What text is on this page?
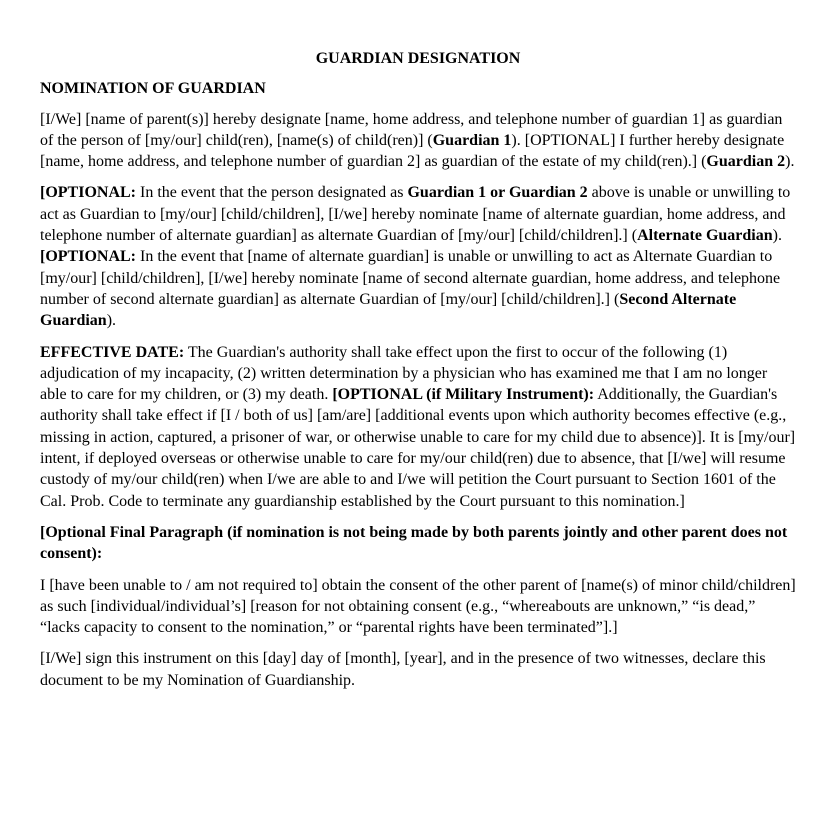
GUARDIAN DESIGNATION
NOMINATION OF GUARDIAN

[I/We] [name of parent(s)] hereby designate [name, home address, and telephone number of guardian 1] as guardian of the person of [my/our] child(ren), [name(s) of child(ren)] (Guardian 1). [OPTIONAL] I further hereby designate [name, home address, and telephone number of guardian 2] as guardian of the estate of my child(ren).] (Guardian 2).

[OPTIONAL: In the event that the person designated as Guardian 1 or Guardian 2 above is unable or unwilling to act as Guardian to [my/our] [child/children], [I/we] hereby nominate [name of alternate guardian, home address, and telephone number of alternate guardian] as alternate Guardian of [my/our] [child/children].] (Alternate Guardian). [OPTIONAL: In the event that [name of alternate guardian] is unable or unwilling to act as Alternate Guardian to [my/our] [child/children], [I/we] hereby nominate [name of second alternate guardian, home address, and telephone number of second alternate guardian] as alternate Guardian of [my/our] [child/children].] (Second Alternate Guardian).

EFFECTIVE DATE: The Guardian's authority shall take effect upon the first to occur of the following (1) adjudication of my incapacity, (2) written determination by a physician who has examined me that I am no longer able to care for my children, or (3) my death. [OPTIONAL (if Military Instrument): Additionally, the Guardian's authority shall take effect if [I / both of us] [am/are] [additional events upon which authority becomes effective (e.g., missing in action, captured, a prisoner of war, or otherwise unable to care for my child due to absence)]. It is [my/our] intent, if deployed overseas or otherwise unable to care for my/our child(ren) due to absence, that [I/we] will resume custody of my/our child(ren) when I/we are able to and I/we will petition the Court pursuant to Section 1601 of the Cal. Prob. Code to terminate any guardianship established by the Court pursuant to this nomination.]

[Optional Final Paragraph (if nomination is not being made by both parents jointly and other parent does not consent):

I [have been unable to / am not required to] obtain the consent of the other parent of [name(s) of minor child/children] as such [individual/individual’s] [reason for not obtaining consent (e.g., “whereabouts are unknown,” “is dead,” “lacks capacity to consent to the nomination,” or “parental rights have been terminated”].]

[I/We] sign this instrument on this [day] day of [month], [year], and in the presence of two witnesses, declare this document to be my Nomination of Guardianship.
